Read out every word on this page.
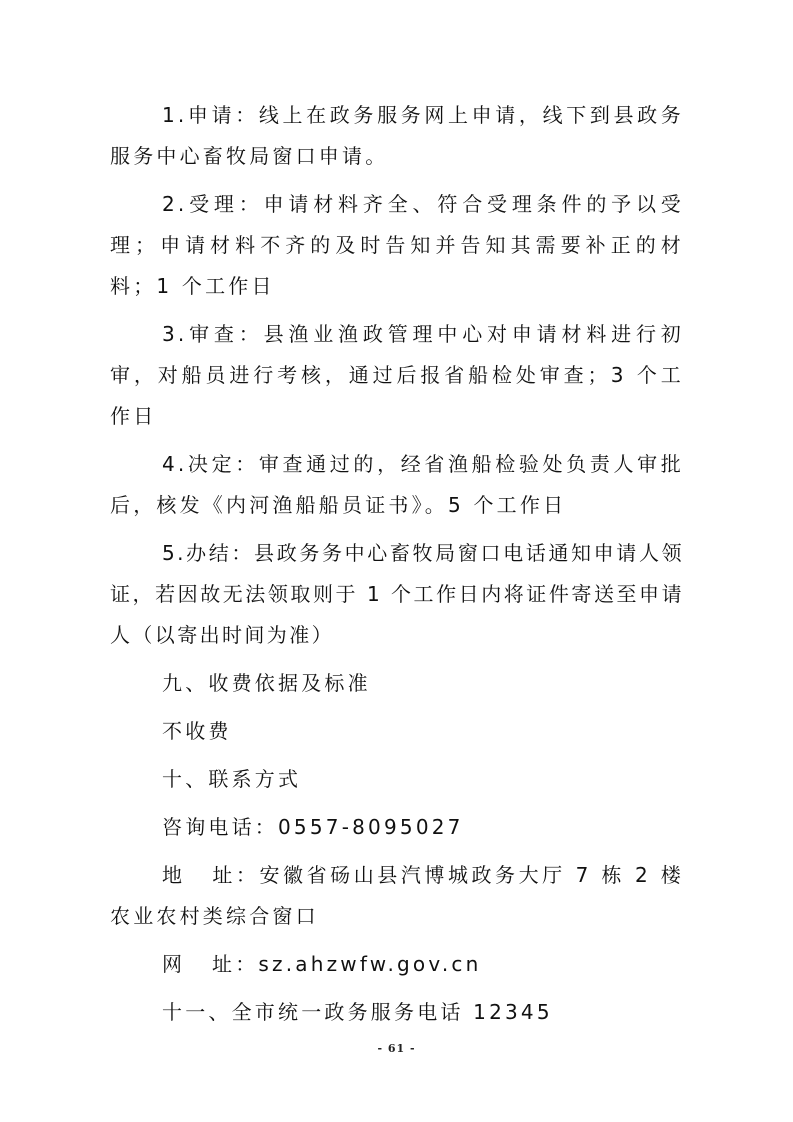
1.申请：线上在政务服务网上申请，线下到县政务服务中心畜牧局窗口申请。

2.受理：申请材料齐全、符合受理条件的予以受理；申请材料不齐的及时告知并告知其需要补正的材料；1 个工作日

3.审查：县渔业渔政管理中心对申请材料进行初审，对船员进行考核，通过后报省船检处审查；3 个工作日

4.决定：审查通过的，经省渔船检验处负责人审批后，核发《内河渔船船员证书》。5 个工作日

5.办结：县政务务中心畜牧局窗口电话通知申请人领证，若因故无法领取则于 1 个工作日内将证件寄送至申请人（以寄出时间为准）

九、收费依据及标准

不收费

十、联系方式

咨询电话：0557-8095027

地址：安徽省砀山县汽博城政务大厅 7 栋 2 楼农业农村类综合窗口

网址：sz.ahzwfw.gov.cn

十一、全市统一政务服务电话 12345

- 61 -
